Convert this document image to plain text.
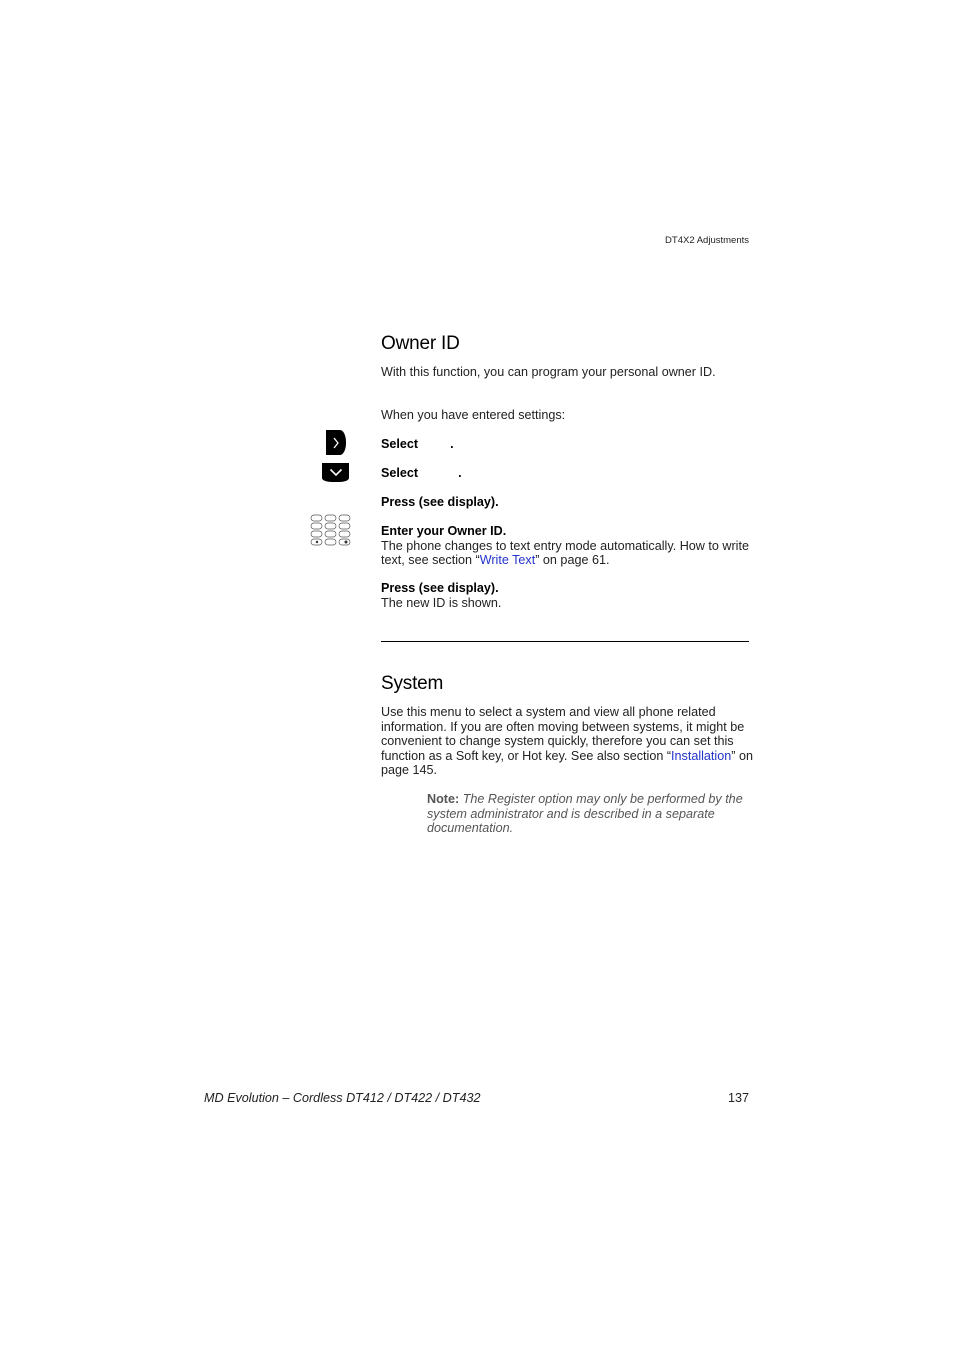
DT4X2 Adjustments
Owner ID

With this function, you can program your personal owner ID.

When you have entered settings:

Select	.

Select	.

Press (see display).

Enter your Owner ID.

The phone changes to text entry mode automatically. How to write text, see section “Write Text” on page 61.

Press (see display).

The new ID is shown.

System

Use this menu to select a system and view all phone related information. If you are often moving between systems, it might be convenient to change system quickly, therefore you can set this function as a Soft key, or Hot key. See also section “Installation” on page 145.

Note: The Register option may only be performed by the system administrator and is described in a separate documentation.

MD Evolution – Cordless DT412 / DT422 / DT432	137
